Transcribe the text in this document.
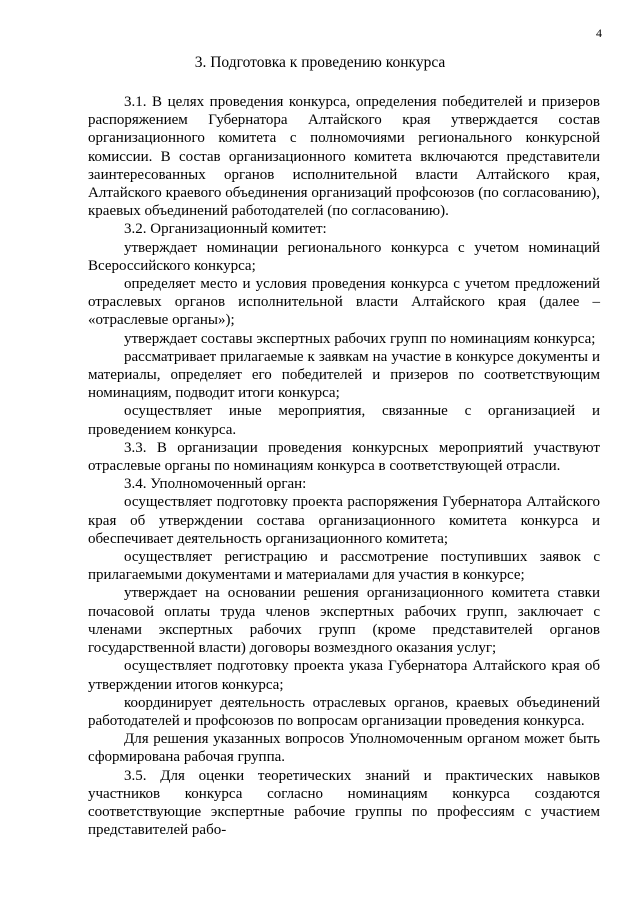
4
3. Подготовка к проведению конкурса

3.1. В целях проведения конкурса, определения победителей и призеров распоряжением Губернатора Алтайского края утверждается состав организационного комитета с полномочиями регионального конкурсной комиссии. В состав организационного комитета включаются представители заинтересованных органов исполнительной власти Алтайского края, Алтайского краевого объединения организаций профсоюзов (по согласованию), краевых объединений работодателей (по согласованию).

3.2. Организационный комитет:

утверждает номинации регионального конкурса с учетом номинаций Всероссийского конкурса;

определяет место и условия проведения конкурса с учетом предложений отраслевых органов исполнительной власти Алтайского края (далее – «отраслевые органы»);

утверждает составы экспертных рабочих групп по номинациям конкурса;

рассматривает прилагаемые к заявкам на участие в конкурсе документы и материалы, определяет его победителей и призеров по соответствующим номинациям, подводит итоги конкурса;

осуществляет иные мероприятия, связанные с организацией и проведением конкурса.

3.3. В организации проведения конкурсных мероприятий участвуют отраслевые органы по номинациям конкурса в соответствующей отрасли.

3.4. Уполномоченный орган:

осуществляет подготовку проекта распоряжения Губернатора Алтайского края об утверждении состава организационного комитета конкурса и обеспечивает деятельность организационного комитета;

осуществляет регистрацию и рассмотрение поступивших заявок с прилагаемыми документами и материалами для участия в конкурсе;

утверждает на основании решения организационного комитета ставки почасовой оплаты труда членов экспертных рабочих групп, заключает с членами экспертных рабочих групп (кроме представителей органов государственной власти) договоры возмездного оказания услуг;

осуществляет подготовку проекта указа Губернатора Алтайского края об утверждении итогов конкурса;

координирует деятельность отраслевых органов, краевых объединений работодателей и профсоюзов по вопросам организации проведения конкурса.

Для решения указанных вопросов Уполномоченным органом может быть сформирована рабочая группа.

3.5. Для оценки теоретических знаний и практических навыков участников конкурса согласно номинациям конкурса создаются соответствующие экспертные рабочие группы по профессиям с участием представителей рабо-
